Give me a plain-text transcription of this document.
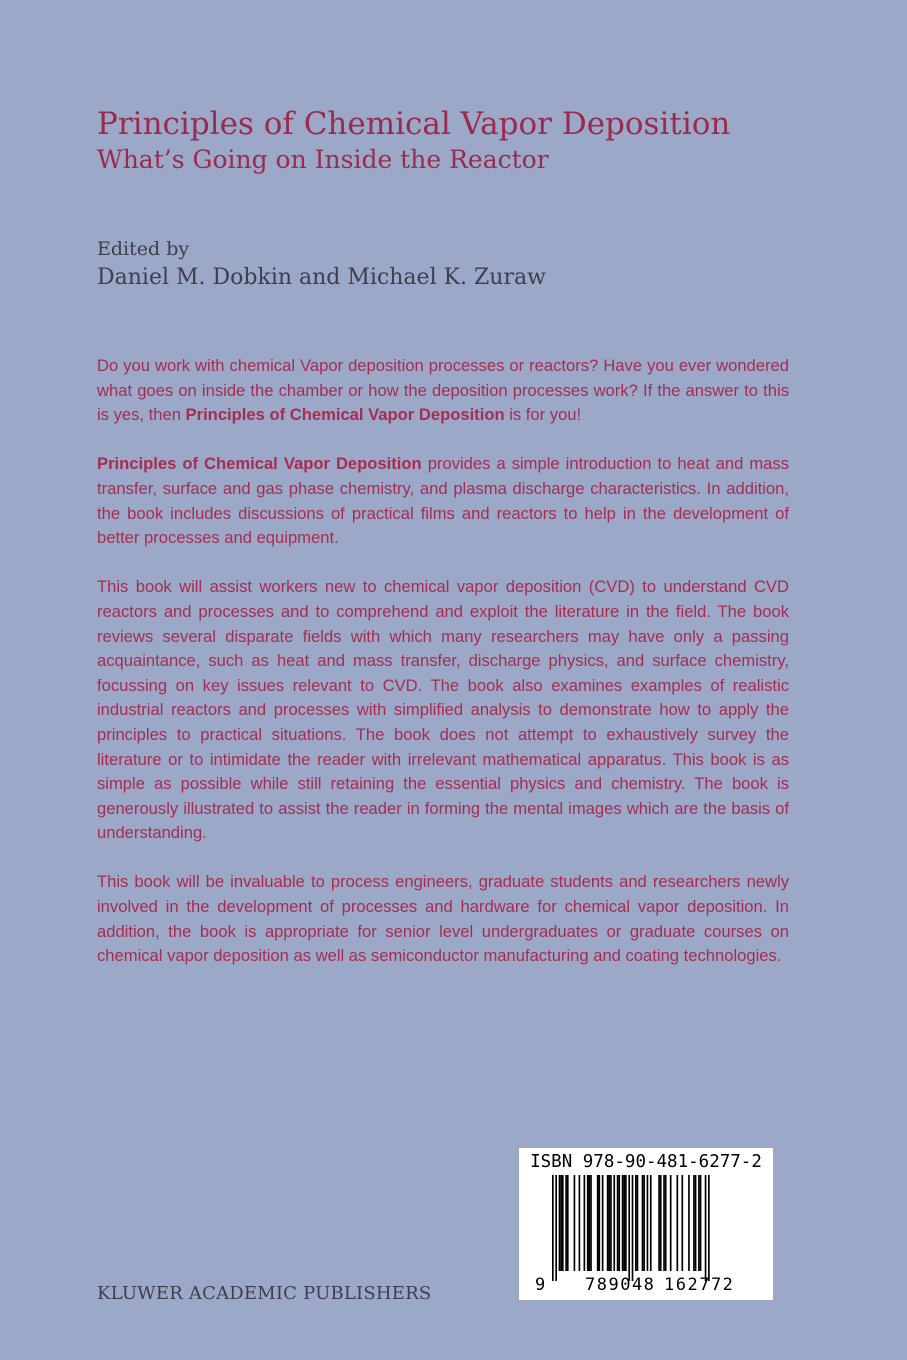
Principles of Chemical Vapor Deposition
What’s Going on Inside the Reactor
Edited by
Daniel M. Dobkin and Michael K. Zuraw

Do you work with chemical Vapor deposition processes or reactors? Have you ever wondered what goes on inside the chamber or how the deposition processes work? If the answer to this is yes, then Principles of Chemical Vapor Deposition is for you!

Principles of Chemical Vapor Deposition provides a simple introduction to heat and mass transfer, surface and gas phase chemistry, and plasma discharge characteristics. In addition, the book includes discussions of practical films and reactors to help in the development of better processes and equipment.

This book will assist workers new to chemical vapor deposition (CVD) to understand CVD reactors and processes and to comprehend and exploit the literature in the field. The book reviews several disparate fields with which many researchers may have only a passing acquaintance, such as heat and mass transfer, discharge physics, and surface chemistry, focussing on key issues relevant to CVD. The book also examines examples of realistic industrial reactors and processes with simplified analysis to demonstrate how to apply the principles to practical situations. The book does not attempt to exhaustively survey the literature or to intimidate the reader with irrelevant mathematical apparatus. This book is as simple as possible while still retaining the essential physics and chemistry. The book is generously illustrated to assist the reader in forming the mental images which are the basis of understanding.

This book will be invaluable to process engineers, graduate students and researchers newly involved in the development of processes and hardware for chemical vapor deposition. In addition, the book is appropriate for senior level undergraduates or graduate courses on chemical vapor deposition as well as semiconductor manufacturing and coating technologies.

KLUWER ACADEMIC PUBLISHERS
ISBN 978-90-481-6277-2
9 789048 162772
